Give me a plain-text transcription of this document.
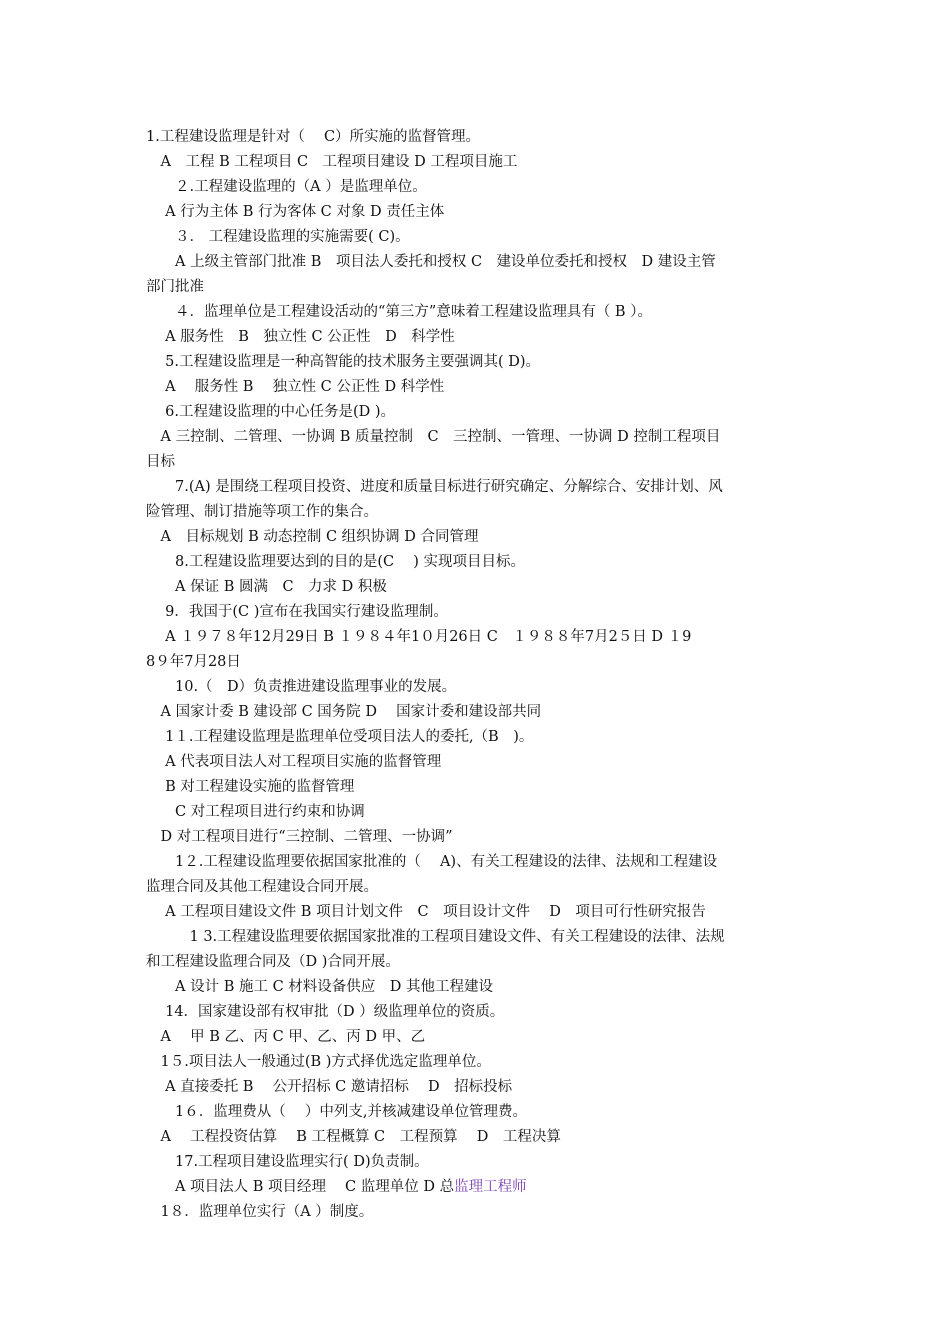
1.工程建设监理是针对（　 C）所实施的监督管理。
　A　工程 B 工程项目 C　工程项目建设 D 工程项目施工
　　２.工程建设监理的（A ）是监理单位。
　 A 行为主体 B 行为客体 C 对象 D 责任主体
　　３． 工程建设监理的实施需要( C)。
　　A 上级主管部门批准 B　项目法人委托和授权 C　建设单位委托和授权　D 建设主管
部门批准
　　４．监理单位是工程建设活动的“第三方”意味着工程建设监理具有（ B ）。
　 A 服务性　B　独立性 C 公正性　D　科学性
　 5.工程建设监理是一种高智能的技术服务主要强调其( D)。
　 A　 服务性 B　 独立性 C 公正性 D 科学性
　 6.工程建设监理的中心任务是(D )。
　A 三控制、二管理、一协调 B 质量控制　C　三控制、一管理、一协调 D 控制工程项目
目标
　　7.(A) 是围绕工程项目投资、进度和质量目标进行研究确定、分解综合、安排计划、风
险管理、制订措施等项工作的集合。
　A　目标规划 B 动态控制 C 组织协调 D 合同管理
　　8.工程建设监理要达到的目的是(C　 ) 实现项目目标。
　　A 保证 B 圆满　C　力求 D 积极
　 9．我国于(C )宣布在我国实行建设监理制。
　 A １９７８年12月29日 B １９８４年1０月26日 C　１９８８年7月2５日 D １9
8９年7月28日
　　10.（　D）负责推进建设监理事业的发展。
　A 国家计委 B 建设部 C 国务院 D　 国家计委和建设部共同
　 1１.工程建设监理是监理单位受项目法人的委托,（B　)。
　 A 代表项目法人对工程项目实施的监督管理
　 B 对工程建设实施的监督管理
　　C 对工程项目进行约束和协调
　D 对工程项目进行“三控制、二管理、一协调”
　　1２.工程建设监理要依据国家批准的（　 A)、有关工程建设的法律、法规和工程建设
监理合同及其他工程建设合同开展。
　 A 工程项目建设文件 B 项目计划文件　C　项目设计文件　 D　项目可行性研究报告
　　　1 3.工程建设监理要依据国家批准的工程项目建设文件、有关工程建设的法律、法规
和工程建设监理合同及（D )合同开展。
　　A 设计 B 施工 C 材料设备供应　D 其他工程建设
　 14．国家建设部有权审批（D ）级监理单位的资质。
　A　 甲 B 乙、丙 C 甲、乙、丙 D 甲、乙
　1５.项目法人一般通过(B )方式择优选定监理单位。
　 A 直接委托 B　 公开招标 C 邀请招标　 D　招标投标
　　1６．监理费从（　 ）中列支,并核减建设单位管理费。
　A　 工程投资估算　 B 工程概算 C　工程预算　 D　工程决算
　　17.工程项目建设监理实行( D)负责制。
　　A 项目法人 B 项目经理　 C 监理单位 D 总监理工程师
　1８．监理单位实行（A ）制度。
